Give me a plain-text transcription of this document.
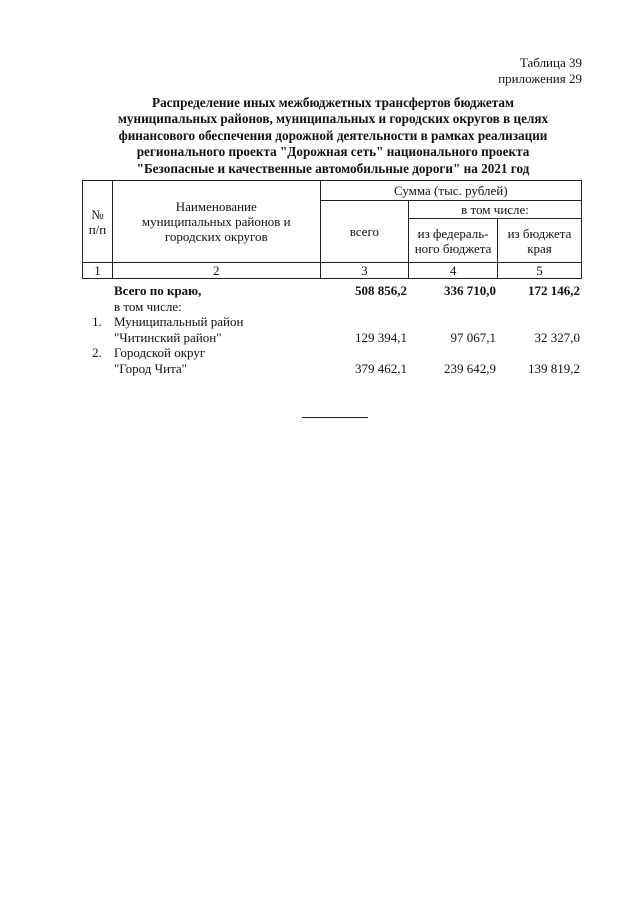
Таблица 39
приложения 29
Распределение иных межбюджетных трансфертов бюджетам
муниципальных районов, муниципальных и городских округов в целях
финансового обеспечения дорожной деятельности в рамках реализации
регионального проекта "Дорожная сеть" национального проекта
"Безопасные и качественные автомобильные дороги" на 2021 год
№ п/п	Наименование муниципальных районов и городских округов	Сумма (тыс. рублей)		
		всего	в том числе:	

			из федераль-ного бюджета	из бюджета края

1	2	3	4	5
	Всего по краю,	508 856,2	336 710,0	172 146,2
	в том числе:			
1.	Муниципальный район			
	"Читинский район"	129 394,1	97 067,1	32 327,0
2.	Городской округ			
	"Город Чита"	379 462,1	239 642,9	139 819,2
